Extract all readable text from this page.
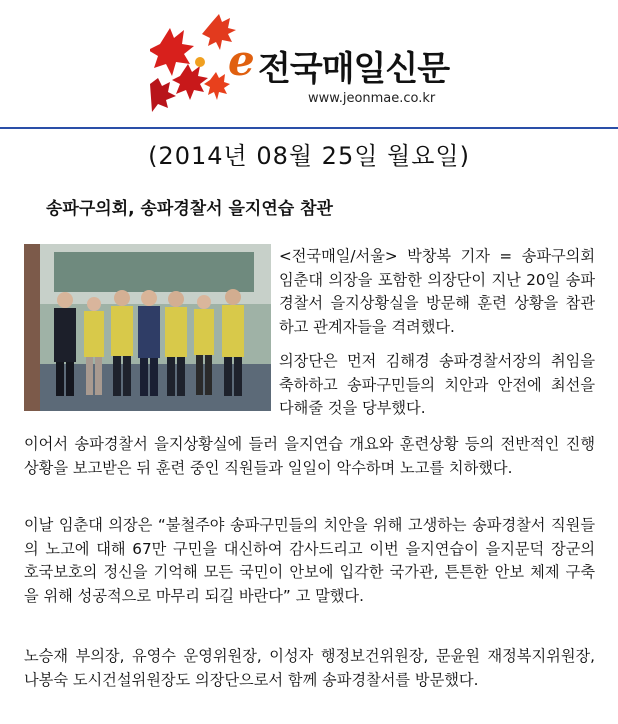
e 전국매일신문
www.jeonmae.co.kr
(2014년 08월 25일 월요일)
송파구의회, 송파경찰서 을지연습 참관

<전국매일/서울> 박창복 기자 = 송파구의회 임춘대 의장을 포함한 의장단이 지난 20일 송파경찰서 을지상황실을 방문해 훈련 상황을 참관하고 관계자들을 격려했다.

의장단은 먼저 김해경 송파경찰서장의 취임을 축하하고 송파구민들의 치안과 안전에 최선을 다해줄 것을 당부했다.

이어서 송파경찰서 을지상황실에 들러 을지연습 개요와 훈련상황 등의 전반적인 진행상황을 보고받은 뒤 훈련 중인 직원들과 일일이 악수하며 노고를 치하했다.

이날 임춘대 의장은 “불철주야 송파구민들의 치안을 위해 고생하는 송파경찰서 직원들의 노고에 대해 67만 구민을 대신하여 감사드리고 이번 을지연습이 을지문덕 장군의 호국보호의 정신을 기억해 모든 국민이 안보에 입각한 국가관, 튼튼한 안보 체제 구축을 위해 성공적으로 마무리 되길 바란다” 고 말했다.

노승재 부의장, 유영수 운영위원장, 이성자 행정보건위원장, 문윤원 재정복지위원장, 나봉숙 도시건설위원장도 의장단으로서 함께 송파경찰서를 방문했다.
